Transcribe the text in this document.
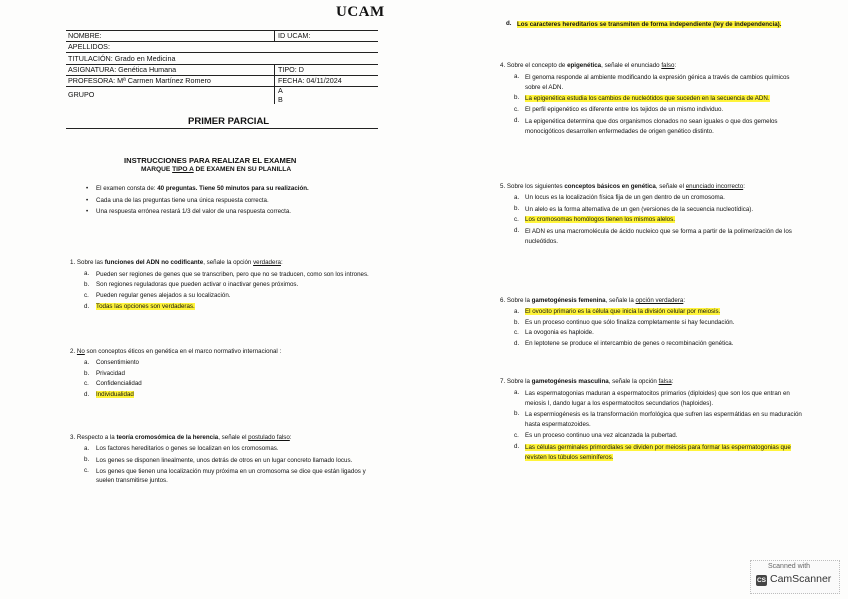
UCAM
NOMBRE:	ID UCAM:
APELLIDOS:
TITULACIÓN: Grado en Medicina
ASIGNATURA: Genética Humana	TIPO: D
PROFESORA: Mª Carmen Martínez Romero	FECHA: 04/11/2024
GRUPO	A
B
PRIMER PARCIAL
INSTRUCCIONES PARA REALIZAR EL EXAMEN
MARQUE TIPO A DE EXAMEN EN SU PLANILLA
• El examen consta de: 40 preguntas. Tiene 50 minutos para su realización.
• Cada una de las preguntas tiene una única respuesta correcta.
• Una respuesta errónea restará 1/3 del valor de una respuesta correcta.
1. Sobre las funciones del ADN no codificante, señale la opción verdadera:
a. Pueden ser regiones de genes que se transcriben, pero que no se traducen, como son los intrones.
b. Son regiones reguladoras que pueden activar o inactivar genes próximos.
c. Pueden regular genes alejados a su localización.
d. Todas las opciones son verdaderas.
2. No son conceptos éticos en genética en el marco normativo internacional :
a. Consentimiento
b. Privacidad
c. Confidencialidad
d. Individualidad
3. Respecto a la teoría cromosómica de la herencia, señale el postulado falso:
a. Los factores hereditarios o genes se localizan en los cromosomas.
b. Los genes se disponen linealmente, unos detrás de otros en un lugar concreto llamado locus.
c. Los genes que tienen una localización muy próxima en un cromosoma se dice que están ligados y suelen transmitirse juntos.
d. Los caracteres hereditarios se transmiten de forma independiente (ley de independencia).
4. Sobre el concepto de epigenética, señale el enunciado falso:
a. El genoma responde al ambiente modificando la expresión génica a través de cambios químicos sobre el ADN.
b. La epigenética estudia los cambios de nucleótidos que suceden en la secuencia de ADN.
c. El perfil epigenético es diferente entre los tejidos de un mismo individuo.
d. La epigenética determina que dos organismos clonados no sean iguales o que dos gemelos monocigóticos desarrollen enfermedades de origen genético distinto.
5. Sobre los siguientes conceptos básicos en genética, señale el enunciado incorrecto:
a. Un locus es la localización física fija de un gen dentro de un cromosoma.
b. Un alelo es la forma alternativa de un gen (versiones de la secuencia nucleotídica).
c. Los cromosomas homólogos tienen los mismos alelos.
d. El ADN es una macromolécula de ácido nucleico que se forma a partir de la polimerización de los nucleótidos.
6. Sobre la gametogénesis femenina, señale la opción verdadera:
a. El ovocito primario es la célula que inicia la división celular por meiosis.
b. Es un proceso continuo que sólo finaliza completamente si hay fecundación.
c. La ovogonia es haploide.
d. En leptotene se produce el intercambio de genes o recombinación genética.
7. Sobre la gametogénesis masculina, señale la opción falsa:
a. Las espermatogonias maduran a espermatocitos primarios (diploides) que son los que entran en meiosis I, dando lugar a los espermatocitos secundarios (haploides).
b. La espermiogénesis es la transformación morfológica que sufren las espermátidas en su maduración hasta espermatozoides.
c. Es un proceso continuo una vez alcanzada la pubertad.
d. Las células germinales primordiales se dividen por meiosis para formar las espermatogonias que revisten los túbulos seminíferos.
Scanned with
CS CamScanner
